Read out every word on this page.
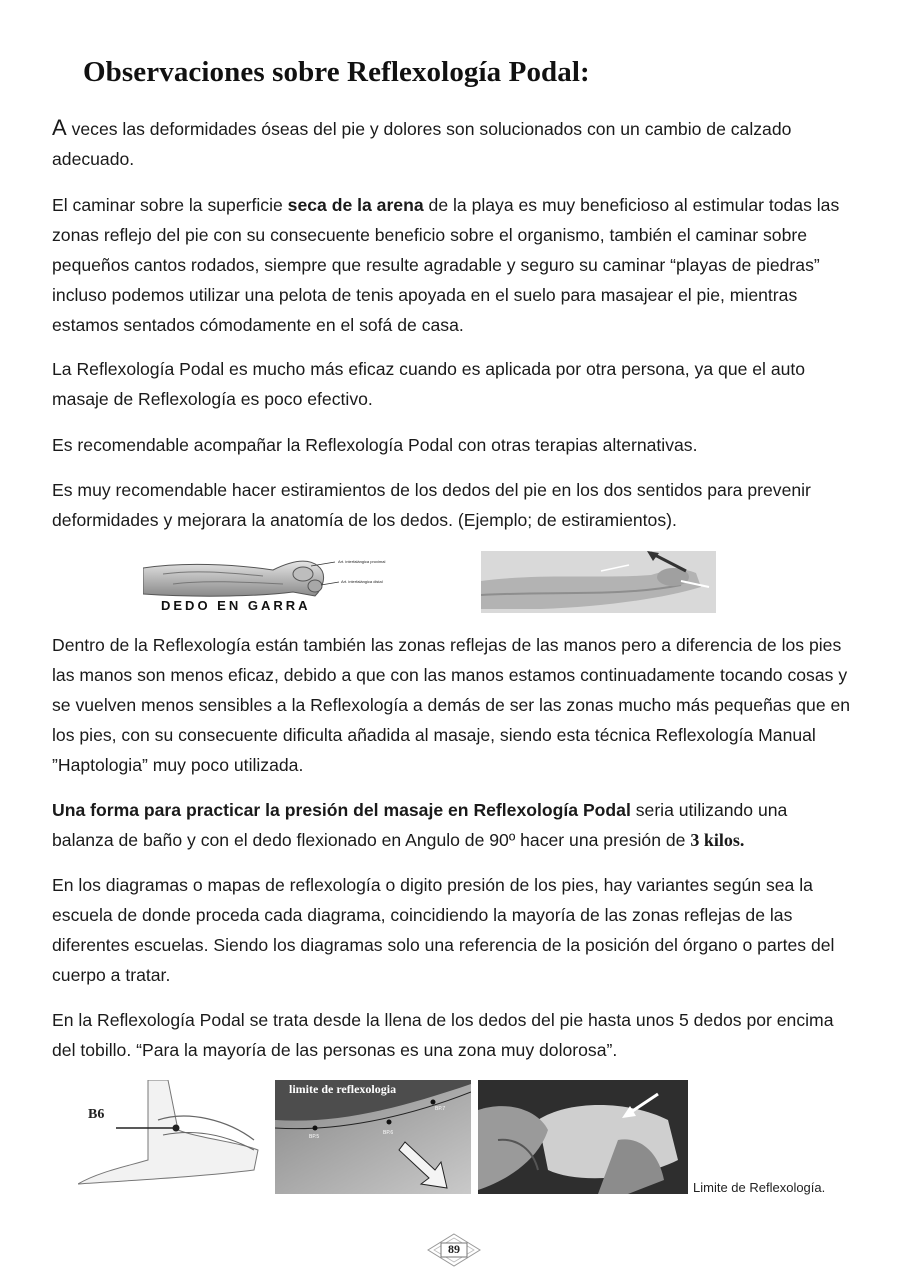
Observaciones sobre Reflexología Podal:

A veces las deformidades óseas del pie y dolores son solucionados con un cambio de calzado adecuado.

El caminar sobre la superficie seca de la arena de la playa es muy beneficioso al estimular todas las zonas reflejo del pie con su consecuente beneficio sobre el organismo, también el caminar sobre pequeños cantos rodados, siempre que resulte agradable y seguro su caminar “playas de piedras” incluso podemos utilizar una pelota de tenis apoyada en el suelo para masajear el pie, mientras estamos sentados cómodamente en el sofá de casa.

La Reflexología Podal es mucho más eficaz cuando es aplicada por otra persona, ya que el auto masaje de Reflexología es poco efectivo.

Es recomendable acompañar la Reflexología Podal con otras terapias alternativas.

Es muy recomendable hacer estiramientos de los dedos del pie en los dos sentidos para prevenir deformidades y mejorara la anatomía de los dedos. (Ejemplo; de estiramientos).

Art. interfalángica proximal
Art. interfalángica distal
DEDO EN GARRA

Dentro de la Reflexología están también las zonas reflejas de las manos pero a diferencia de los pies las manos son menos eficaz, debido a que con las manos estamos continuadamente tocando cosas y se vuelven menos sensibles a la Reflexología a demás de ser las zonas mucho más pequeñas que en los pies, con su consecuente dificulta añadida al masaje, siendo esta técnica Reflexología Manual ”Haptologia” muy poco utilizada.

Una forma para practicar la presión del masaje en Reflexología Podal seria utilizando una balanza de baño y con el dedo flexionado en Angulo de 90º hacer una presión de 3 kilos.

En los diagramas o mapas de reflexología o digito presión de los pies, hay variantes según sea la escuela de donde proceda cada diagrama, coincidiendo la mayoría de las zonas reflejas de las diferentes escuelas. Siendo los diagramas solo una referencia de la posición del órgano o partes del cuerpo a tratar.

En la Reflexología Podal se trata desde la llena de los dedos del pie hasta unos 5 dedos por encima del tobillo. “Para la mayoría de las personas es una zona muy dolorosa”.

B6	BP.7
BP.6
BP.5
limite de reflexologia
Limite de Reflexología.
89
